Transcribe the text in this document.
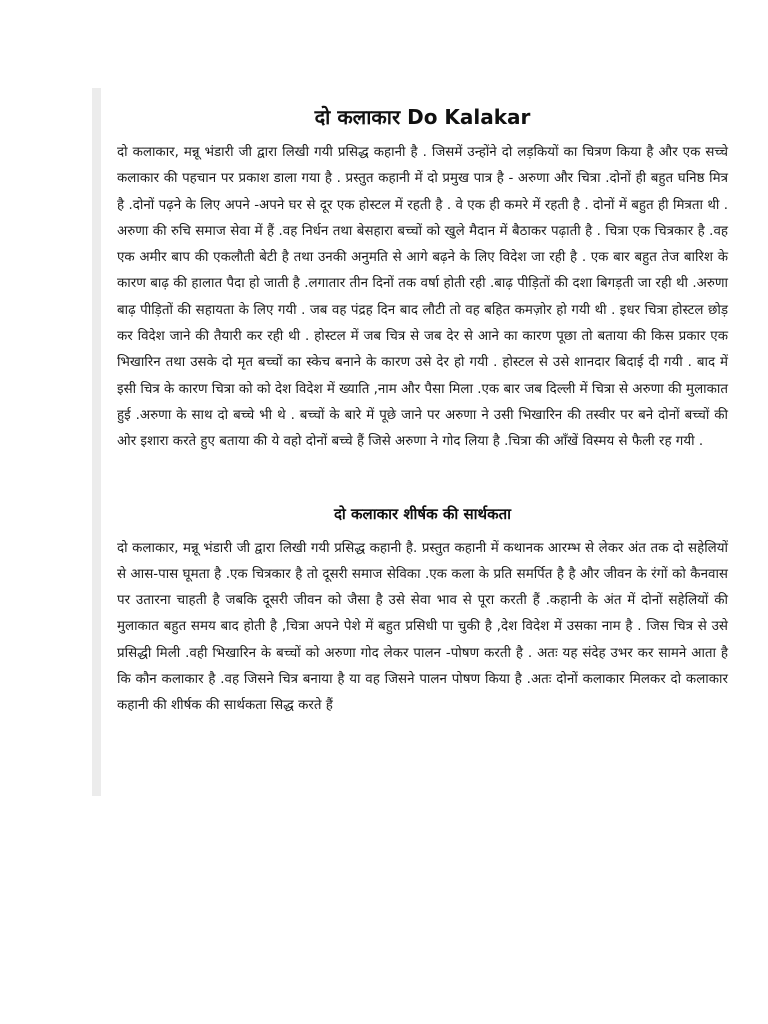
दो कलाकार Do Kalakar

दो कलाकार, मन्नू भंडारी जी द्वारा लिखी गयी प्रसिद्ध कहानी है . जिसमें उन्होंने दो लड़कियों का चित्रण किया है और एक सच्चे कलाकार की पहचान पर प्रकाश डाला गया है . प्रस्तुत कहानी में दो प्रमुख पात्र है - अरुणा और चित्रा .दोनों ही बहुत घनिष्ठ मित्र है .दोनों पढ़ने के लिए अपने -अपने घर से दूर एक होस्टल में रहती है . वे एक ही कमरे में रहती है . दोनों में बहुत ही मित्रता थी . अरुणा की रुचि समाज सेवा में हैं .वह निर्धन तथा बेसहारा बच्चों को खुले मैदान में बैठाकर पढ़ाती है . चित्रा एक चित्रकार है .वह एक अमीर बाप की एकलौती बेटी है तथा उनकी अनुमति से आगे बढ़ने के लिए विदेश जा रही है . एक बार बहुत तेज बारिश के कारण बाढ़ की हालात पैदा हो जाती है .लगातार तीन दिनों तक वर्षा होती रही .बाढ़ पीड़ितों की दशा बिगड़ती जा रही थी .अरुणा बाढ़ पीड़ितों की सहायता के लिए गयी . जब वह पंद्रह दिन बाद लौटी तो वह बहित कमज़ोर हो गयी थी . इधर चित्रा होस्टल छोड़ कर विदेश जाने की तैयारी कर रही थी . होस्टल में जब चित्र से जब देर से आने का कारण पूछा तो बताया की किस प्रकार एक भिखारिन तथा उसके दो मृत बच्चों का स्केच बनाने के कारण उसे देर हो गयी . होस्टल से उसे शानदार बिदाई दी गयी . बाद में इसी चित्र के कारण चित्रा को को देश विदेश में ख्याति ,नाम और पैसा मिला .एक बार जब दिल्ली में चित्रा से अरुणा की मुलाकात हुई .अरुणा के साथ दो बच्चे भी थे . बच्चों के बारे में पूछे जाने पर अरुणा ने उसी भिखारिन की तस्वीर पर बने दोनों बच्चों की ओर इशारा करते हुए बताया की ये वहो दोनों बच्चे हैं जिसे अरुणा ने गोद लिया है .चित्रा की आँखें विस्मय से फैली रह गयी .

दो कलाकार शीर्षक की सार्थकता

दो कलाकार, मन्नू भंडारी जी द्वारा लिखी गयी प्रसिद्ध कहानी है. प्रस्तुत कहानी में कथानक आरम्भ से लेकर अंत तक दो सहेलियों से आस-पास घूमता है .एक चित्रकार है तो दूसरी समाज सेविका .एक कला के प्रति समर्पित है है और जीवन के रंगों को कैनवास पर उतारना चाहती है जबकि दूसरी जीवन को जैसा है उसे सेवा भाव से पूरा करती हैं .कहानी के अंत में दोनों सहेलियों की मुलाकात बहुत समय बाद होती है ,चित्रा अपने पेशे में बहुत प्रसिधी पा चुकी है ,देश विदेश में उसका नाम है . जिस चित्र से उसे प्रसिद्धी मिली .वही भिखारिन के बच्चों को अरुणा गोद लेकर पालन -पोषण करती है . अतः यह संदेह उभर कर सामने आता है कि कौन कलाकार है .वह जिसने चित्र बनाया है या वह जिसने पालन पोषण किया है .अतः दोनों कलाकार मिलकर दो कलाकार कहानी की शीर्षक की सार्थकता सिद्ध करते हैं
